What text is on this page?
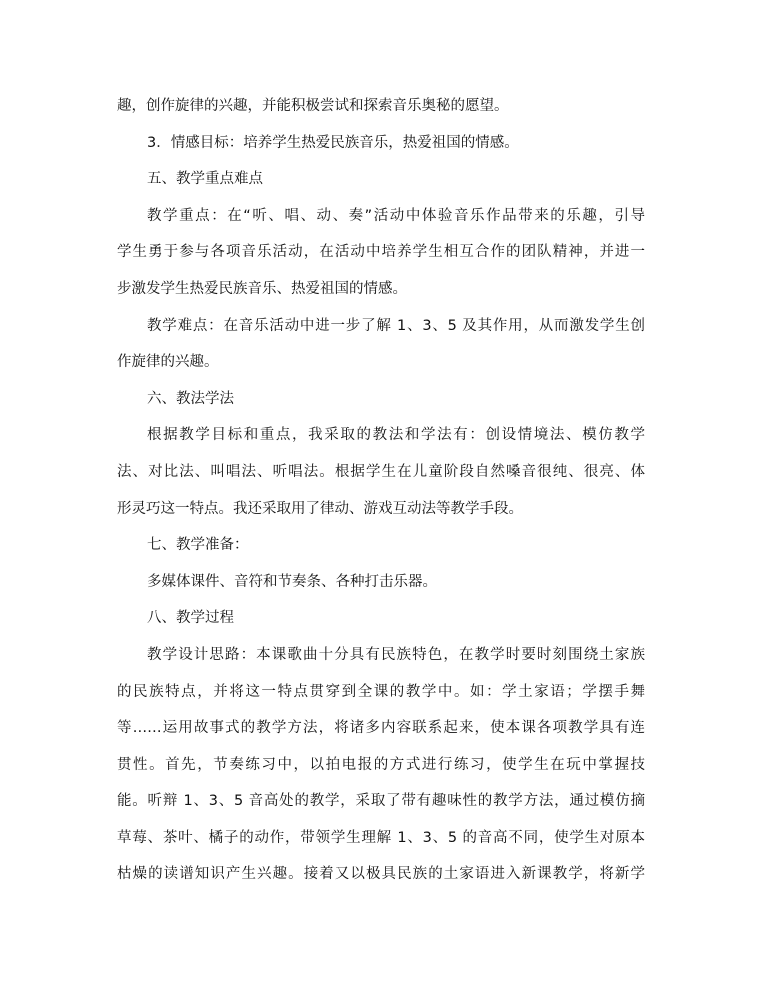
趣，创作旋律的兴趣，并能积极尝试和探索音乐奥秘的愿望。
3．情感目标：培养学生热爱民族音乐，热爱祖国的情感。
五、教学重点难点
教学重点：在“听、唱、动、奏”活动中体验音乐作品带来的乐趣，引导
学生勇于参与各项音乐活动，在活动中培养学生相互合作的团队精神，并进一
步激发学生热爱民族音乐、热爱祖国的情感。
教学难点：在音乐活动中进一步了解 1、3、5 及其作用，从而激发学生创
作旋律的兴趣。
六、教法学法
根据教学目标和重点，我采取的教法和学法有：创设情境法、模仿教学
法、对比法、叫唱法、听唱法。根据学生在儿童阶段自然嗓音很纯、很亮、体
形灵巧这一特点。我还采取用了律动、游戏互动法等教学手段。
七、教学准备：
多媒体课件、音符和节奏条、各种打击乐器。
八、教学过程
教学设计思路：本课歌曲十分具有民族特色，在教学时要时刻围绕土家族
的民族特点，并将这一特点贯穿到全课的教学中。如：学土家语；学摆手舞
等……运用故事式的教学方法，将诸多内容联系起来，使本课各项教学具有连
贯性。首先，节奏练习中，以拍电报的方式进行练习，使学生在玩中掌握技
能。听辩 1、3、5 音高处的教学，采取了带有趣味性的教学方法，通过模仿摘
草莓、茶叶、橘子的动作，带领学生理解 1、3、5 的音高不同，使学生对原本
枯燥的读谱知识产生兴趣。接着又以极具民族的土家语进入新课教学，将新学
